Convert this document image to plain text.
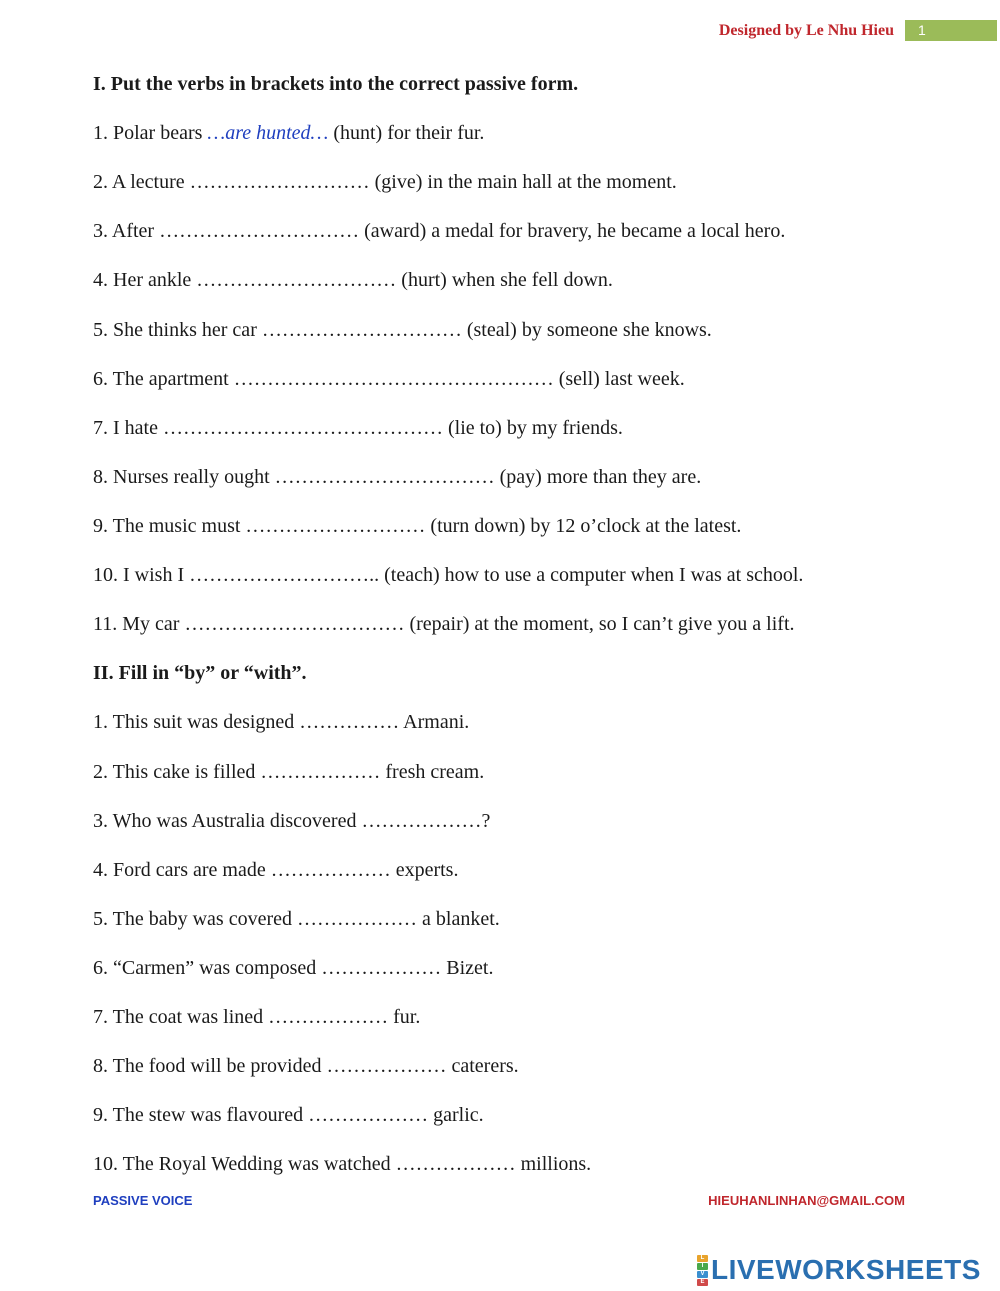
Designed by Le Nhu Hieu	1
I. Put the verbs in brackets into the correct passive form.
1. Polar bears …are hunted… (hunt) for their fur.
2. A lecture ……………………… (give) in the main hall at the moment.
3. After ………………………… (award) a medal for bravery, he became a local hero.
4. Her ankle ………………………… (hurt) when she fell down.
5. She thinks her car ………………………… (steal) by someone she knows.
6. The apartment ………………………………………… (sell) last week.
7. I hate …………………………………… (lie to) by my friends.
8. Nurses really ought …………………………… (pay) more than they are.
9. The music must ……………………… (turn down) by 12 o’clock at the latest.
10. I wish I ……………………….. (teach) how to use a computer when I was at school.
11. My car …………………………… (repair) at the moment, so I can’t give you a lift.
II. Fill in “by” or “with”.
1. This suit was designed …………… Armani.
2. This cake is filled ……………… fresh cream.
3. Who was Australia discovered ………………?
4. Ford cars are made ……………… experts.
5. The baby was covered ……………… a blanket.
6. “Carmen” was composed ……………… Bizet.
7. The coat was lined ……………… fur.
8. The food will be provided ……………… caterers.
9. The stew was flavoured ……………… garlic.
10. The Royal Wedding was watched ……………… millions.
PASSIVE VOICE	HIEUHANLINHAN@GMAIL.COM
L
I
V
E LIVEWORKSHEETS
